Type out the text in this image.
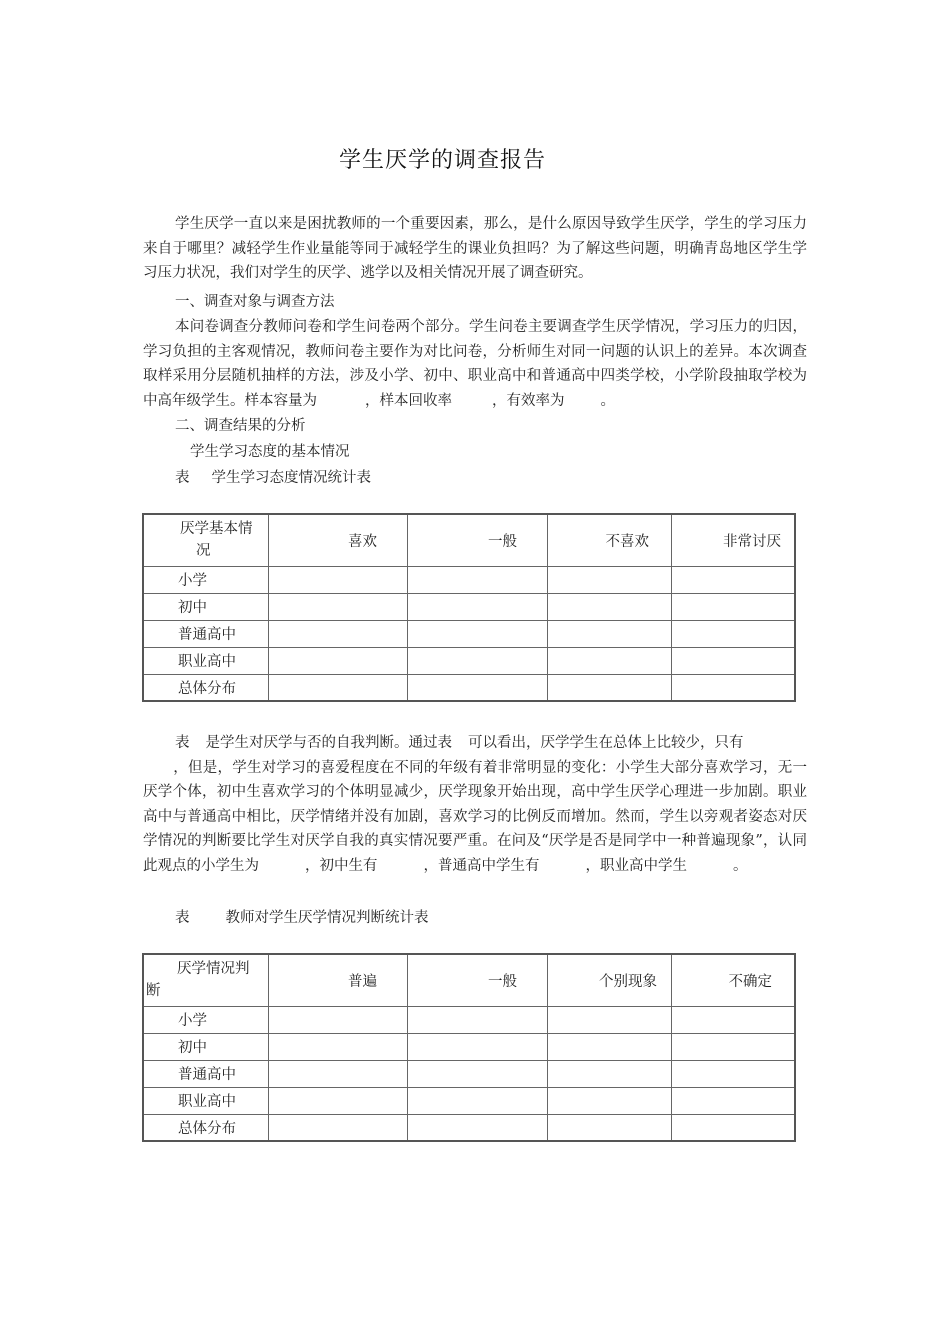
学生厌学的调查报告

学生厌学一直以来是困扰教师的一个重要因素，那么，是什么原因导致学生厌学，学生的学习压力来自于哪里？减轻学生作业量能等同于减轻学生的课业负担吗？为了解这些问题，明确青岛地区学生学习压力状况，我们对学生的厌学、逃学以及相关情况开展了调查研究。

一、调查对象与调查方法

本问卷调查分教师问卷和学生问卷两个部分。学生问卷主要调查学生厌学情况，学习压力的归因，学习负担的主客观情况，教师问卷主要作为对比问卷，分析师生对同一问题的认识上的差异。本次调查取样采用分层随机抽样的方法，涉及小学、初中、职业高中和普通高中四类学校，小学阶段抽取学校为中高年级学生。样本容量为	，样本回收率	，有效率为 。

二、调查结果的分析
学生学习态度的基本情况
表 学生学习态度情况统计表
厌学基本情
况	喜欢	一般	不喜欢	非常讨厌
小学				
初中				
普通高中				
职业高中				
总体分布				

表 是学生对厌学与否的自我判断。通过表 可以看出，厌学学生在总体上比较少，只有
，但是，学生对学习的喜爱程度在不同的年级有着非常明显的变化：小学生大部分喜欢学习，无一厌学个体，初中生喜欢学习的个体明显减少，厌学现象开始出现，高中学生厌学心理进一步加剧。职业高中与普通高中相比，厌学情绪并没有加剧，喜欢学习的比例反而增加。然而，学生以旁观者姿态对厌学情况的判断要比学生对厌学自我的真实情况要严重。在问及“厌学是否是同学中一种普遍现象”，认同此观点的小学生为	，初中生有	，普通高中学生有	，职业高中学生	。

表 教师对学生厌学情况判断统计表
厌学情况判
断	普遍	一般	个别现象	不确定
小学				
初中				
普通高中				
职业高中				
总体分布				
